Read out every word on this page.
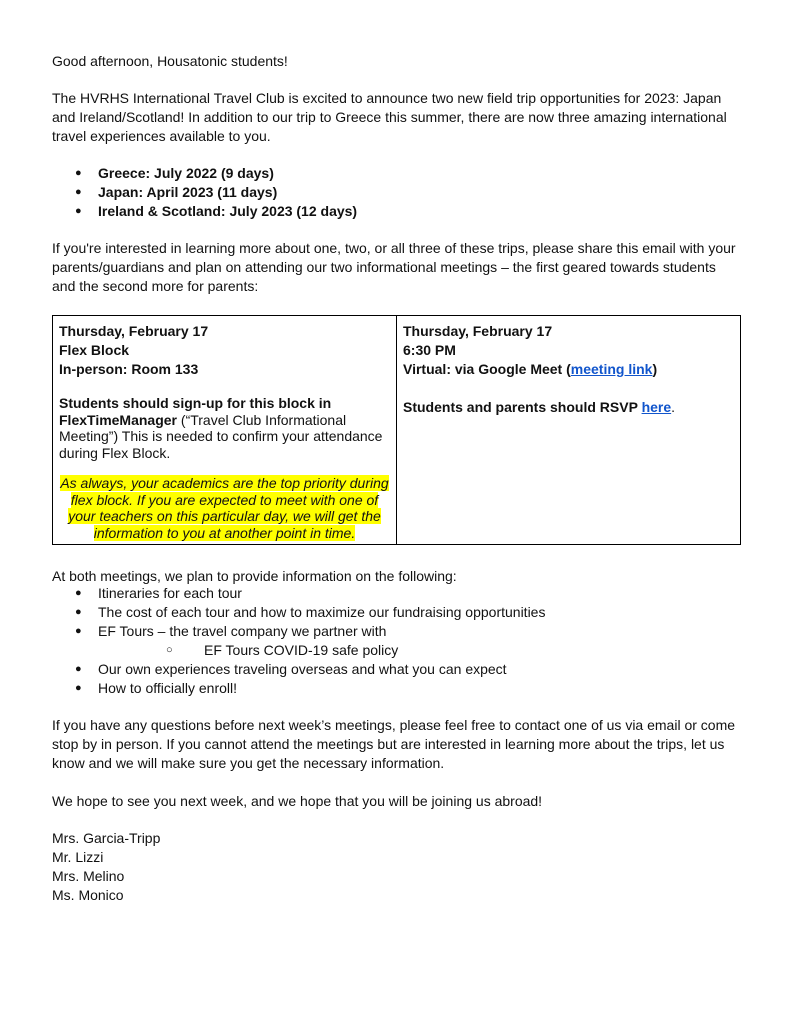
Good afternoon, Housatonic students!

The HVRHS International Travel Club is excited to announce two new field trip opportunities for 2023: Japan and Ireland/Scotland! In addition to our trip to Greece this summer, there are now three amazing international travel experiences available to you.

● Greece: July 2022 (9 days)
● Japan: April 2023 (11 days)
● Ireland & Scotland: July 2023 (12 days)

If you're interested in learning more about one, two, or all three of these trips, please share this email with your parents/guardians and plan on attending our two informational meetings – the first geared towards students and the second more for parents:

Thursday, February 17
Flex Block
In-person: Room 133
Students should sign-up for this block in FlexTimeManager (“Travel Club Informational Meeting”) This is needed to confirm your attendance during Flex Block.
As always, your academics are the top priority during flex block. If you are expected to meet with one of your teachers on this particular day, we will get the information to you at another point in time.
Thursday, February 17
6:30 PM
Virtual: via Google Meet (meeting link)
Students and parents should RSVP here.

At both meetings, we plan to provide information on the following:

● Itineraries for each tour
● The cost of each tour and how to maximize our fundraising opportunities
● EF Tours – the travel company we partner with
○ EF Tours COVID-19 safe policy
● Our own experiences traveling overseas and what you can expect
● How to officially enroll!

If you have any questions before next week’s meetings, please feel free to contact one of us via email or come stop by in person. If you cannot attend the meetings but are interested in learning more about the trips, let us know and we will make sure you get the necessary information.

We hope to see you next week, and we hope that you will be joining us abroad!

Mrs. Garcia-Tripp
Mr. Lizzi
Mrs. Melino
Ms. Monico
